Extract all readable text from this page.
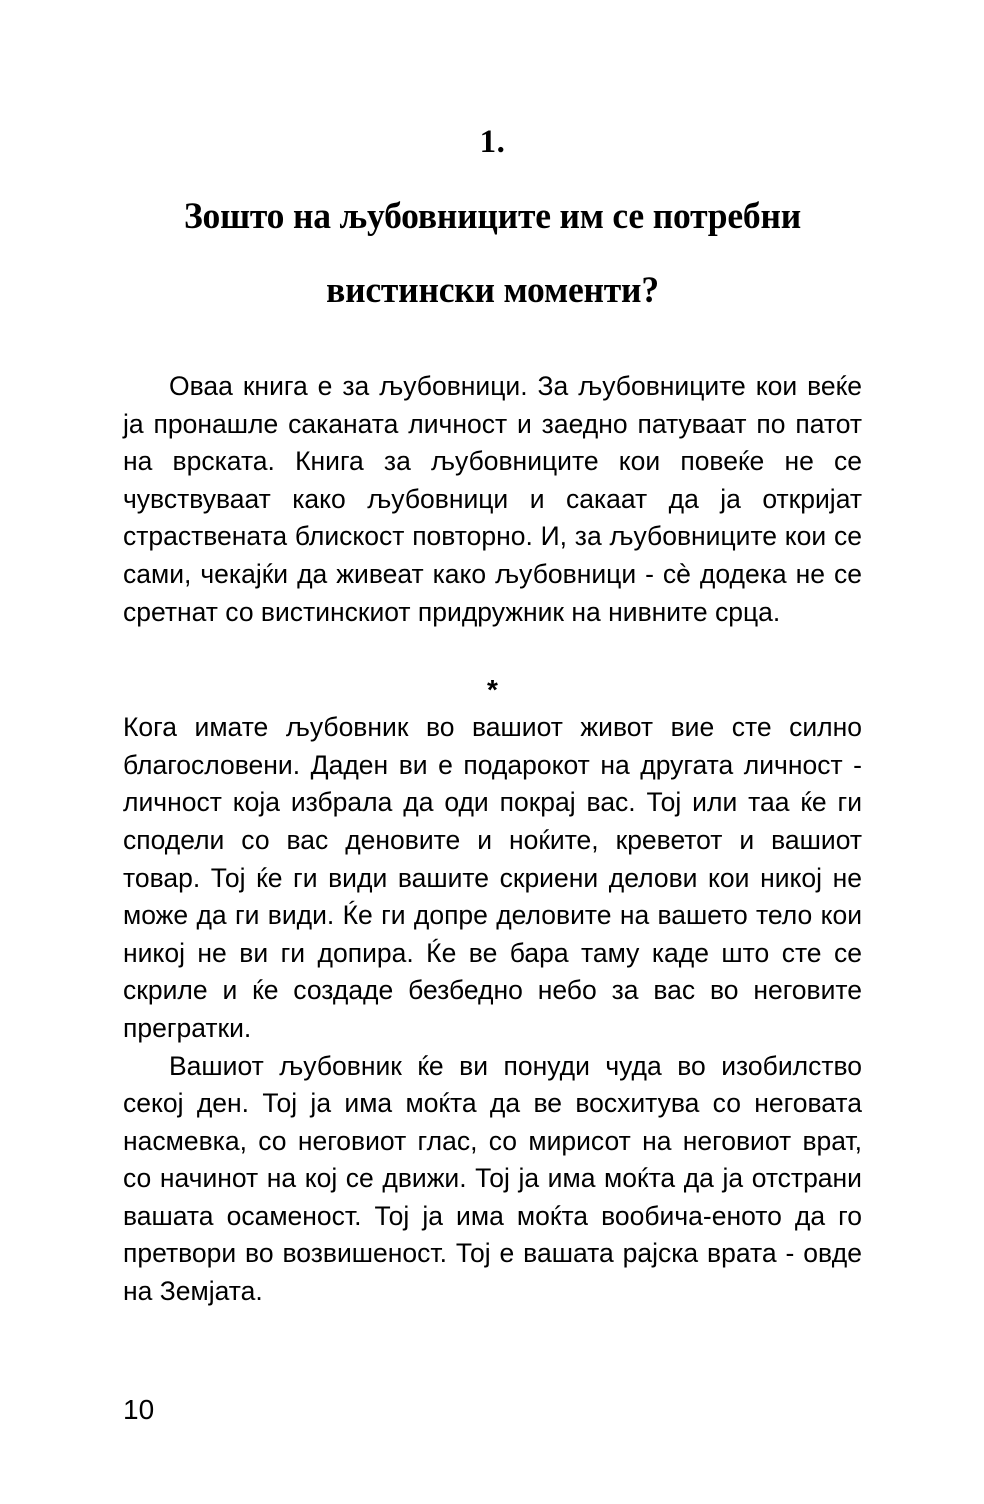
1.
Зошто на љубовниците им се потребни
вистински моменти?

Оваа книга е за љубовници. За љубовниците кои веќе ја пронашле саканата личност и заедно патуваат по патот на врската. Книга за љубовниците кои повеќе не се чувствуваат како љубовници и сакаат да ја откријат страствената блискост повторно. И, за љубовниците кои се сами, чекајќи да живеат како љубовници - сѐ додека не се сретнат со вистинскиот придружник на нивните срца.

*

Кога имате љубовник во вашиот живот вие сте силно благословени. Даден ви е подарокот на другата личност - личност која избрала да оди покрај вас. Тој или таа ќе ги сподели со вас деновите и ноќите, креветот и вашиот товар. Тој ќе ги види вашите скриени делови кои никој не може да ги види. Ќе ги допре деловите на вашето тело кои никој не ви ги допира. Ќе ве бара таму каде што сте се скриле и ќе создаде безбедно небо за вас во неговите прегратки.

Вашиот љубовник ќе ви понуди чуда во изобилство секој ден. Тој ја има моќта да ве восхитува со неговата насмевка, со неговиот глас, со мирисот на неговиот врат, со начинот на кој се движи. Тој ја има моќта да ја отстрани вашата осаменост. Тој ја има моќта вообича-еното да го претвори во возвишеност. Тој е вашата рајска врата - овде на Земјата.

10
